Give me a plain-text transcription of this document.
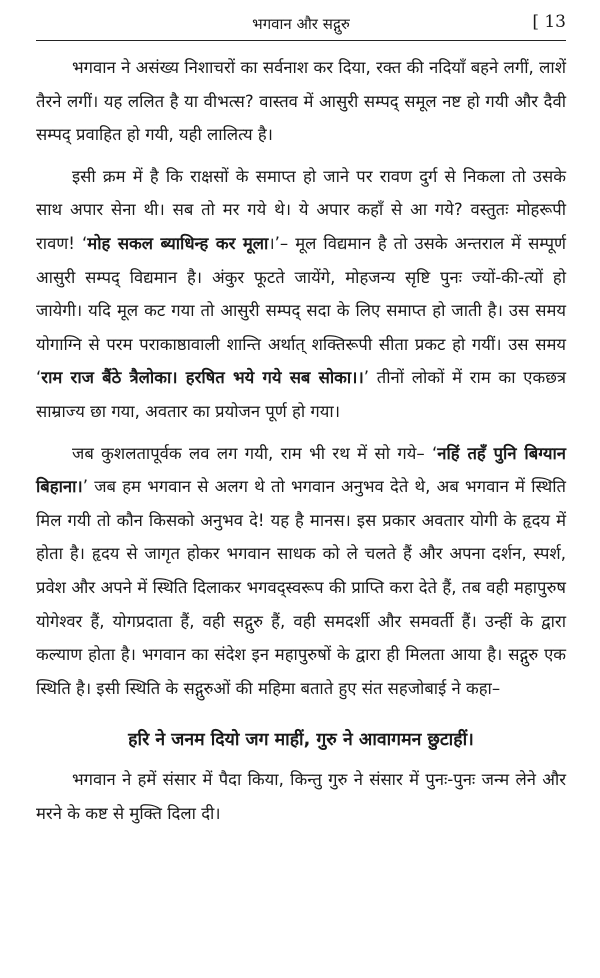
भगवान और सद्गुरु	[ 13

भगवान ने असंख्य निशाचरों का सर्वनाश कर दिया, रक्त की नदियाँ बहने लगीं, लाशें तैरने लगीं। यह ललित है या वीभत्स? वास्तव में आसुरी सम्पद् समूल नष्ट हो गयी और दैवी सम्पद् प्रवाहित हो गयी, यही लालित्य है।

इसी क्रम में है कि राक्षसों के समाप्त हो जाने पर रावण दुर्ग से निकला तो उसके साथ अपार सेना थी। सब तो मर गये थे। ये अपार कहाँ से आ गये? वस्तुतः मोहरूपी रावण! ‘मोह सकल ब्याधिन्ह कर मूला।’– मूल विद्यमान है तो उसके अन्तराल में सम्पूर्ण आसुरी सम्पद् विद्यमान है। अंकुर फूटते जायेंगे, मोहजन्य सृष्टि पुनः ज्यों-की-त्यों हो जायेगी। यदि मूल कट गया तो आसुरी सम्पद् सदा के लिए समाप्त हो जाती है। उस समय योगाग्नि से परम पराकाष्ठावाली शान्ति अर्थात् शक्तिरूपी सीता प्रकट हो गयीं। उस समय ‘राम राज बैंठे त्रैलोका। हरषित भये गये सब सोका।।’ तीनों लोकों में राम का एकछत्र साम्राज्य छा गया, अवतार का प्रयोजन पूर्ण हो गया।

जब कुशलतापूर्वक लव लग गयी, राम भी रथ में सो गये– ‘नहिं तहँ पुनि बिग्यान बिहाना।’ जब हम भगवान से अलग थे तो भगवान अनुभव देते थे, अब भगवान में स्थिति मिल गयी तो कौन किसको अनुभव दे! यह है मानस। इस प्रकार अवतार योगी के हृदय में होता है। हृदय से जागृत होकर भगवान साधक को ले चलते हैं और अपना दर्शन, स्पर्श, प्रवेश और अपने में स्थिति दिलाकर भगवद्स्वरूप की प्राप्ति करा देते हैं, तब वही महापुरुष योगेश्वर हैं, योगप्रदाता हैं, वही सद्गुरु हैं, वही समदर्शी और समवर्ती हैं। उन्हीं के द्वारा कल्याण होता है। भगवान का संदेश इन महापुरुषों के द्वारा ही मिलता आया है। सद्गुरु एक स्थिति है। इसी स्थिति के सद्गुरुओं की महिमा बताते हुए संत सहजोबाई ने कहा–

हरि ने जनम दियो जग माहीं, गुरु ने आवागमन छुटाहीं।

भगवान ने हमें संसार में पैदा किया, किन्तु गुरु ने संसार में पुनः-पुनः जन्म लेने और मरने के कष्ट से मुक्ति दिला दी।
